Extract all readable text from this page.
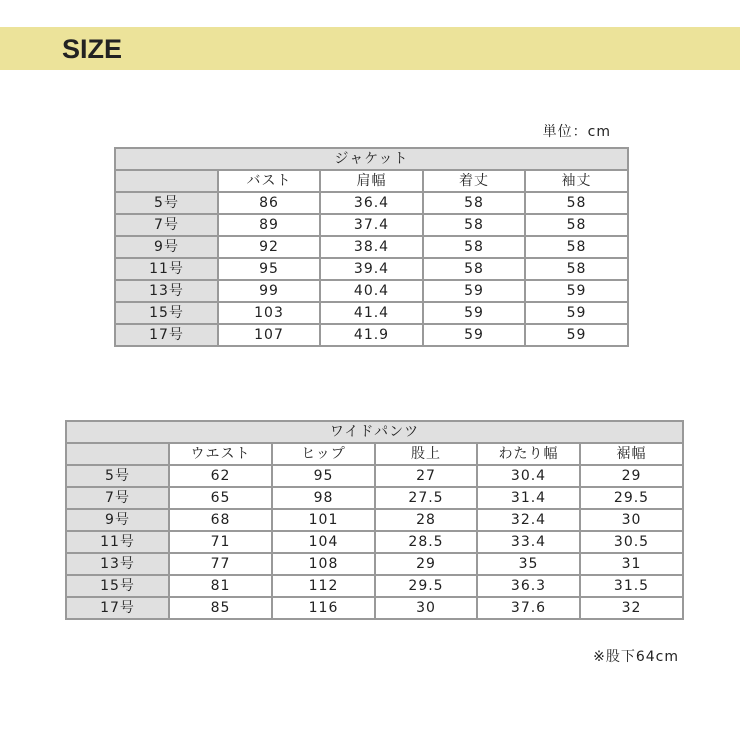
SIZE
単位：cm
ジャケット				
	バスト	肩幅	着丈	袖丈
5号	86	36.4	58	58
7号	89	37.4	58	58
9号	92	38.4	58	58
11号	95	39.4	58	58
13号	99	40.4	59	59
15号	103	41.4	59	59
17号	107	41.9	59	59
ワイドパンツ					
	ウエスト	ヒップ	股上	わたり幅	裾幅
5号	62	95	27	30.4	29
7号	65	98	27.5	31.4	29.5
9号	68	101	28	32.4	30
11号	71	104	28.5	33.4	30.5
13号	77	108	29	35	31
15号	81	112	29.5	36.3	31.5
17号	85	116	30	37.6	32
※股下64cm
